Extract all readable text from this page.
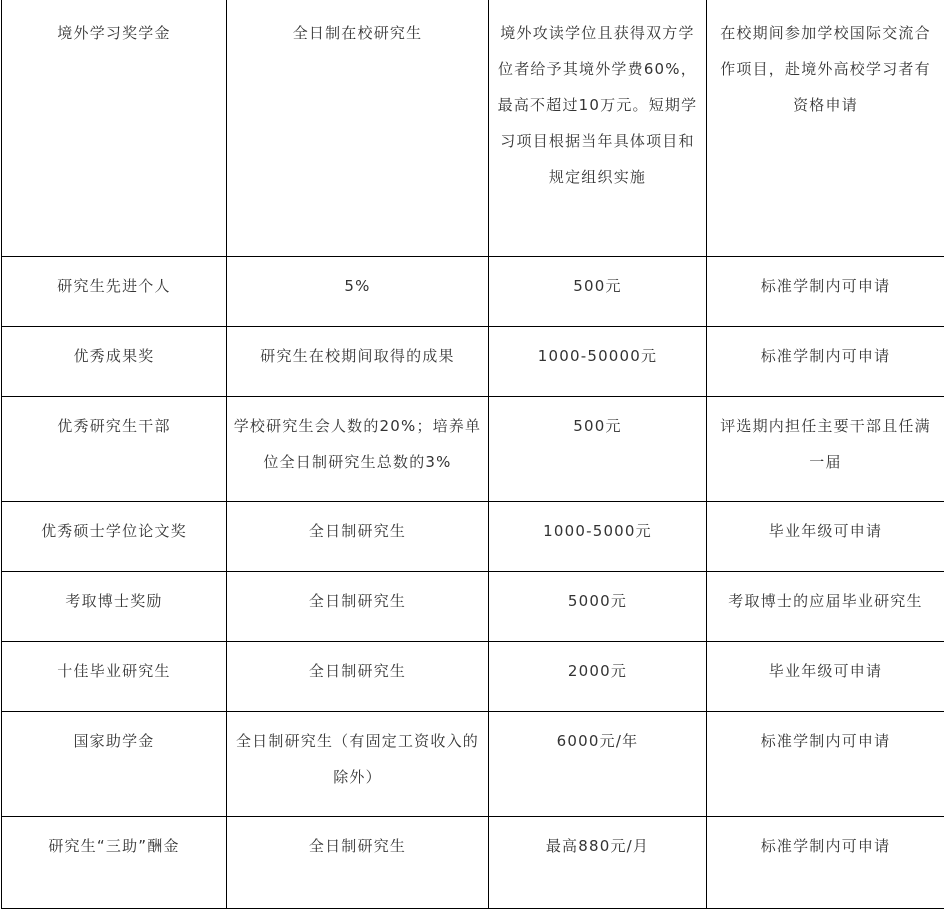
境外学习奖学金	全日制在校研究生	境外攻读学位且获得双方学位者给予其境外学费60%，最高不超过10万元。短期学习项目根据当年具体项目和规定组织实施	在校期间参加学校国际交流合作项目，赴境外高校学习者有资格申请
研究生先进个人	5%	500元	标准学制内可申请
优秀成果奖	研究生在校期间取得的成果	1000-50000元	标准学制内可申请
优秀研究生干部	学校研究生会人数的20%；培养单位全日制研究生总数的3%	500元	评选期内担任主要干部且任满一届
优秀硕士学位论文奖	全日制研究生	1000-5000元	毕业年级可申请
考取博士奖励	全日制研究生	5000元	考取博士的应届毕业研究生
十佳毕业研究生	全日制研究生	2000元	毕业年级可申请
国家助学金	全日制研究生（有固定工资收入的除外）	6000元/年	标准学制内可申请
研究生“三助”酬金	全日制研究生	最高880元/月	标准学制内可申请
